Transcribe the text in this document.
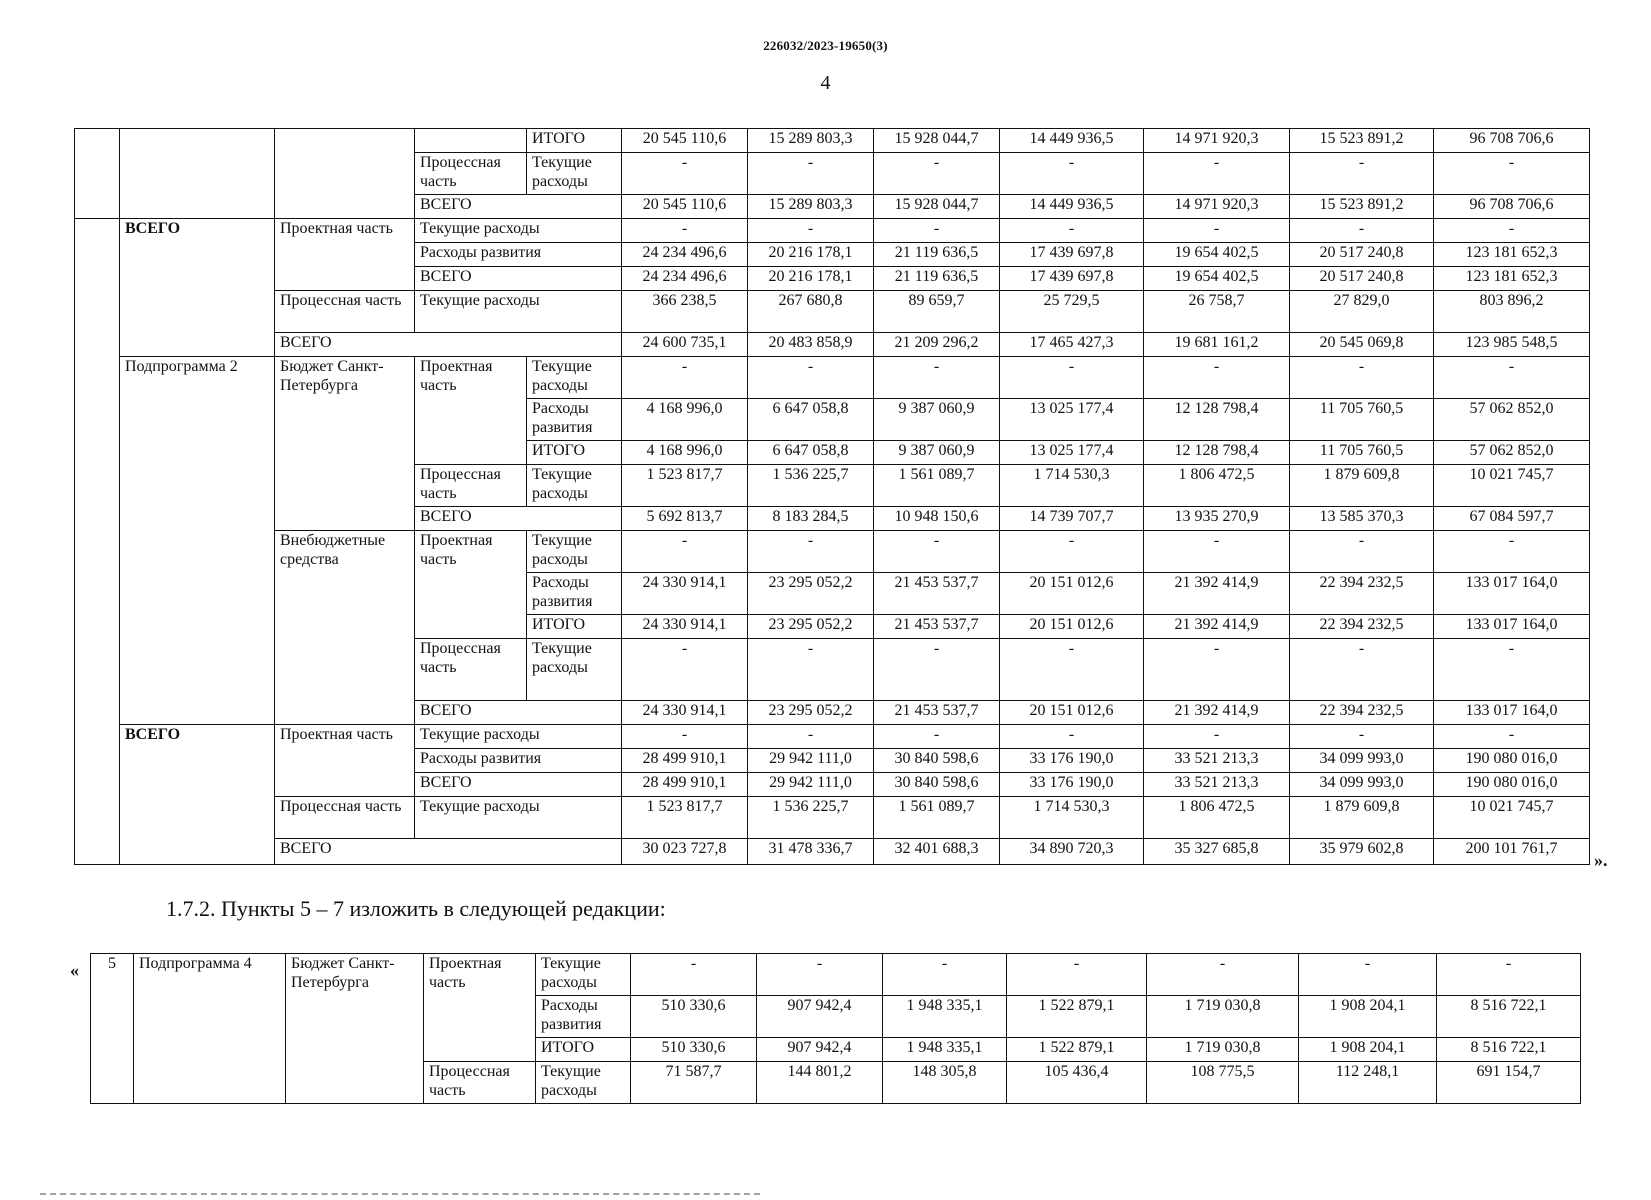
226032/2023-19650(3)
4
				ИТОГО	20 545 110,6	15 289 803,3	15 928 044,7	14 449 936,5	14 971 920,3	15 523 891,2	96 708 706,6
			Процессная часть	Текущие расходы	-	-	-	-	-	-	-
			ВСЕГО		20 545 110,6	15 289 803,3	15 928 044,7	14 449 936,5	14 971 920,3	15 523 891,2	96 708 706,6
	ВСЕГО	Проектная часть	Текущие расходы		-	-	-	-	-	-	-
			Расходы развития		24 234 496,6	20 216 178,1	21 119 636,5	17 439 697,8	19 654 402,5	20 517 240,8	123 181 652,3
			ВСЕГО		24 234 496,6	20 216 178,1	21 119 636,5	17 439 697,8	19 654 402,5	20 517 240,8	123 181 652,3
		Процессная часть	Текущие расходы		366 238,5	267 680,8	89 659,7	25 729,5	26 758,7	27 829,0	803 896,2
		ВСЕГО			24 600 735,1	20 483 858,9	21 209 296,2	17 465 427,3	19 681 161,2	20 545 069,8	123 985 548,5
	Подпрограмма 2	Бюджет Санкт-Петербурга	Проектная часть	Текущие расходы	-	-	-	-	-	-	-
				Расходы развития	4 168 996,0	6 647 058,8	9 387 060,9	13 025 177,4	12 128 798,4	11 705 760,5	57 062 852,0
				ИТОГО	4 168 996,0	6 647 058,8	9 387 060,9	13 025 177,4	12 128 798,4	11 705 760,5	57 062 852,0
			Процессная часть	Текущие расходы	1 523 817,7	1 536 225,7	1 561 089,7	1 714 530,3	1 806 472,5	1 879 609,8	10 021 745,7
			ВСЕГО		5 692 813,7	8 183 284,5	10 948 150,6	14 739 707,7	13 935 270,9	13 585 370,3	67 084 597,7
		Внебюджетные средства	Проектная часть	Текущие расходы	-	-	-	-	-	-	-
				Расходы развития	24 330 914,1	23 295 052,2	21 453 537,7	20 151 012,6	21 392 414,9	22 394 232,5	133 017 164,0
				ИТОГО	24 330 914,1	23 295 052,2	21 453 537,7	20 151 012,6	21 392 414,9	22 394 232,5	133 017 164,0
			Процессная часть	Текущие расходы	-	-	-	-	-	-	-
			ВСЕГО		24 330 914,1	23 295 052,2	21 453 537,7	20 151 012,6	21 392 414,9	22 394 232,5	133 017 164,0
	ВСЕГО	Проектная часть	Текущие расходы		-	-	-	-	-	-	-
			Расходы развития		28 499 910,1	29 942 111,0	30 840 598,6	33 176 190,0	33 521 213,3	34 099 993,0	190 080 016,0
			ВСЕГО		28 499 910,1	29 942 111,0	30 840 598,6	33 176 190,0	33 521 213,3	34 099 993,0	190 080 016,0
		Процессная часть	Текущие расходы		1 523 817,7	1 536 225,7	1 561 089,7	1 714 530,3	1 806 472,5	1 879 609,8	10 021 745,7
		ВСЕГО			30 023 727,8	31 478 336,7	32 401 688,3	34 890 720,3	35 327 685,8	35 979 602,8	200 101 761,7
».
1.7.2. Пункты 5 – 7 изложить в следующей редакции:
« 5	Подпрограмма 4	Бюджет Санкт-Петербурга	Проектная часть	Текущие расходы	-	-	-	-	-	-	-
				Расходы развития	510 330,6	907 942,4	1 948 335,1	1 522 879,1	1 719 030,8	1 908 204,1	8 516 722,1
				ИТОГО	510 330,6	907 942,4	1 948 335,1	1 522 879,1	1 719 030,8	1 908 204,1	8 516 722,1
			Процессная часть	Текущие расходы	71 587,7	144 801,2	148 305,8	105 436,4	108 775,5	112 248,1	691 154,7
